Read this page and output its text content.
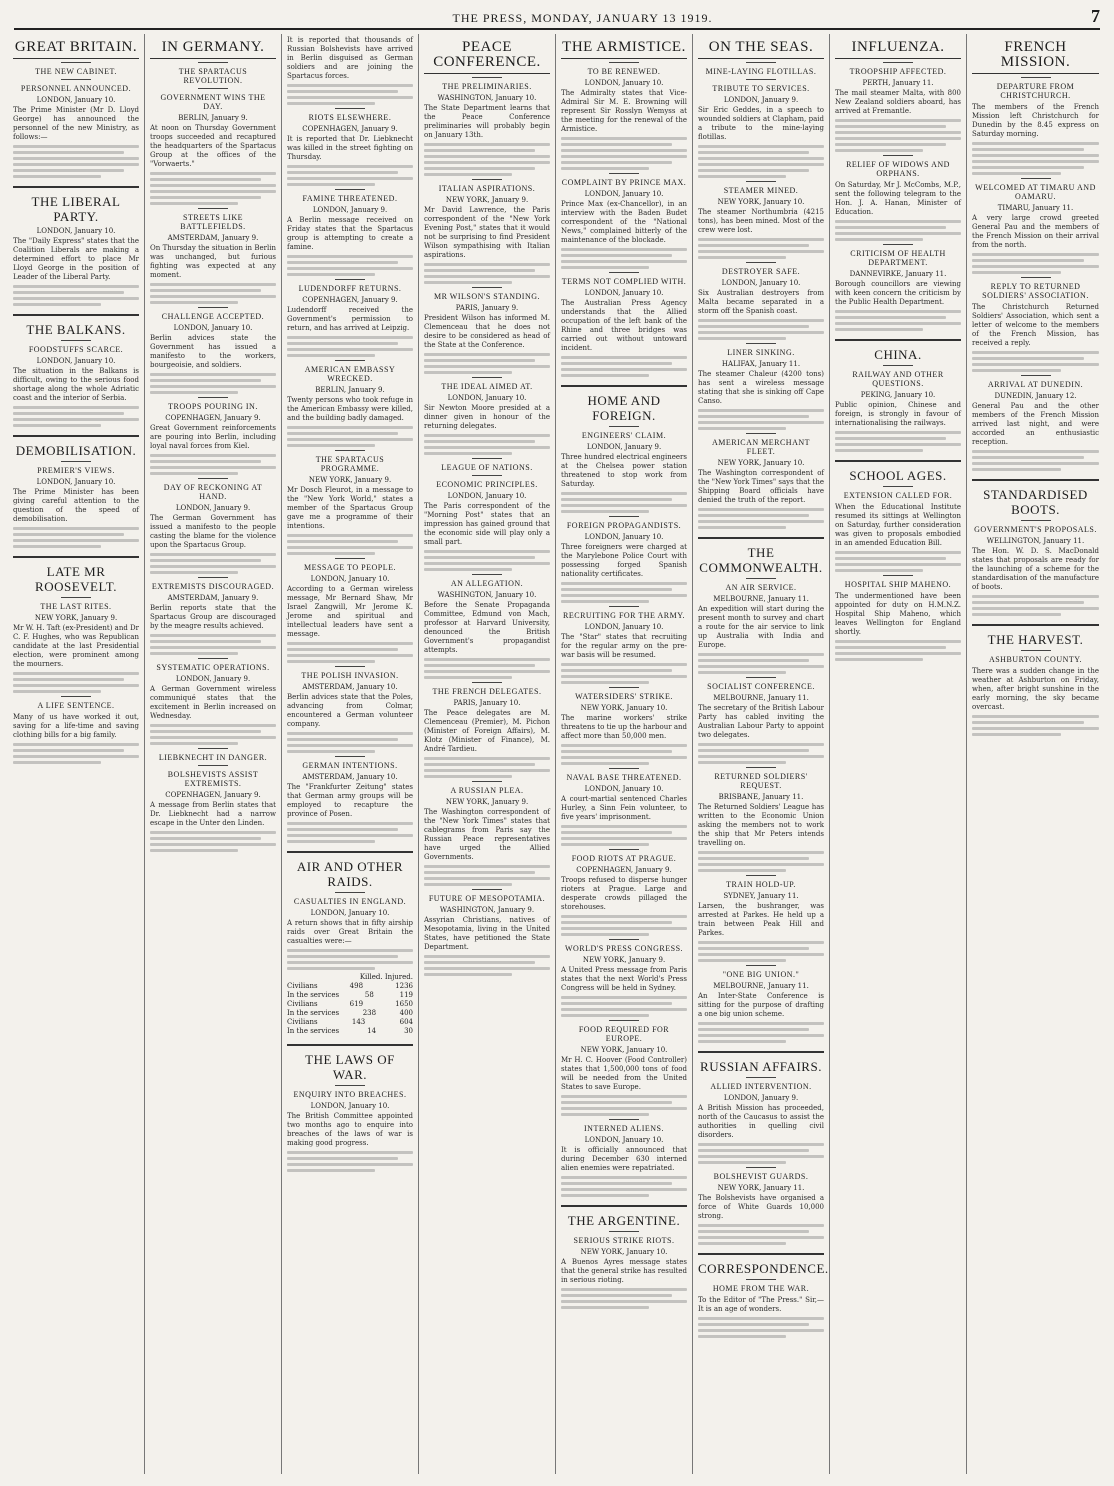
THE PRESS, MONDAY, JANUARY 13 1919.	7
GREAT BRITAIN.
THE NEW CABINET.
PERSONNEL ANNOUNCED.
LONDON, January 10.

The Prime Minister (Mr D. Lloyd George) has announced the personnel of the new Ministry, as follows:—

THE LIBERAL PARTY.
LONDON, January 10.

The "Daily Express" states that the Coalition Liberals are making a determined effort to place Mr Lloyd George in the position of Leader of the Liberal Party.

THE BALKANS.
FOODSTUFFS SCARCE.
LONDON, January 10.

The situation in the Balkans is difficult, owing to the serious food shortage along the whole Adriatic coast and the interior of Serbia.

DEMOBILISATION.
PREMIER'S VIEWS.
LONDON, January 10.

The Prime Minister has been giving careful attention to the question of the speed of demobilisation.

LATE MR ROOSEVELT.
THE LAST RITES.
NEW YORK, January 9.

Mr W. H. Taft (ex-President) and Dr C. F. Hughes, who was Republican candidate at the last Presidential election, were prominent among the mourners.

A LIFE SENTENCE.

Many of us have worked it out, saving for a life-time and saving clothing bills for a big family.

IN GERMANY.
THE SPARTACUS REVOLUTION.
GOVERNMENT WINS THE DAY.
BERLIN, January 9.

At noon on Thursday Government troops succeeded and recaptured the headquarters of the Spartacus Group at the offices of the "Vorwaerts."

STREETS LIKE BATTLEFIELDS.
AMSTERDAM, January 9.

On Thursday the situation in Berlin was unchanged, but furious fighting was expected at any moment.

CHALLENGE ACCEPTED.
LONDON, January 10.

Berlin advices state the Government has issued a manifesto to the workers, bourgeoisie, and soldiers.

TROOPS POURING IN.
COPENHAGEN, January 9.

Great Government reinforcements are pouring into Berlin, including loyal naval forces from Kiel.

DAY OF RECKONING AT HAND.
LONDON, January 9.

The German Government has issued a manifesto to the people casting the blame for the violence upon the Spartacus Group.

EXTREMISTS DISCOURAGED.
AMSTERDAM, January 9.

Berlin reports state that the Spartacus Group are discouraged by the meagre results achieved.

SYSTEMATIC OPERATIONS.
LONDON, January 9.

A German Government wireless communiqué states that the excitement in Berlin increased on Wednesday.

LIEBKNECHT IN DANGER.
BOLSHEVISTS ASSIST EXTREMISTS.
COPENHAGEN, January 9.

A message from Berlin states that Dr. Liebknecht had a narrow escape in the Unter den Linden.

It is reported that thousands of Russian Bolshevists have arrived in Berlin disguised as German soldiers and are joining the Spartacus forces.

RIOTS ELSEWHERE.
COPENHAGEN, January 9.

It is reported that Dr. Liebknecht was killed in the street fighting on Thursday.

FAMINE THREATENED.
LONDON, January 9.

A Berlin message received on Friday states that the Spartacus group is attempting to create a famine.

LUDENDORFF RETURNS.
COPENHAGEN, January 9.

Ludendorff received the Government's permission to return, and has arrived at Leipzig.

AMERICAN EMBASSY WRECKED.
BERLIN, January 9.

Twenty persons who took refuge in the American Embassy were killed, and the building badly damaged.

THE SPARTACUS PROGRAMME.
NEW YORK, January 9.

Mr Dosch Fleurot, in a message to the "New York World," states a member of the Spartacus Group gave me a programme of their intentions.

MESSAGE TO PEOPLE.
LONDON, January 10.

According to a German wireless message, Mr Bernard Shaw, Mr Israel Zangwill, Mr Jerome K. Jerome and spiritual and intellectual leaders have sent a message.

THE POLISH INVASION.
AMSTERDAM, January 10.

Berlin advices state that the Poles, advancing from Colmar, encountered a German volunteer company.

GERMAN INTENTIONS.
AMSTERDAM, January 10.

The "Frankfurter Zeitung" states that German army groups will be employed to recapture the province of Posen.

AIR AND OTHER RAIDS.
CASUALTIES IN ENGLAND.
LONDON, January 10.

A return shows that in fifty airship raids over Great Britain the casualties were:—

Killed. Injured.
Civilians	498	1236
In the services	58	119
Civilians	619	1650
In the services	238	400
Civilians	143	604
In the services	14	30
THE LAWS OF WAR.
ENQUIRY INTO BREACHES.
LONDON, January 10.

The British Committee appointed two months ago to enquire into breaches of the laws of war is making good progress.

PEACE CONFERENCE.
THE PRELIMINARIES.
WASHINGTON, January 10.

The State Department learns that the Peace Conference preliminaries will probably begin on January 13th.

ITALIAN ASPIRATIONS.
NEW YORK, January 9.

Mr David Lawrence, the Paris correspondent of the "New York Evening Post," states that it would not be surprising to find President Wilson sympathising with Italian aspirations.

MR WILSON'S STANDING.
PARIS, January 9.

President Wilson has informed M. Clemenceau that he does not desire to be considered as head of the State at the Conference.

THE IDEAL AIMED AT.
LONDON, January 10.

Sir Newton Moore presided at a dinner given in honour of the returning delegates.

LEAGUE OF NATIONS.
ECONOMIC PRINCIPLES.
LONDON, January 10.

The Paris correspondent of the "Morning Post" states that an impression has gained ground that the economic side will play only a small part.

AN ALLEGATION.
WASHINGTON, January 10.

Before the Senate Propaganda Committee, Edmund von Mach, professor at Harvard University, denounced the British Government's propagandist attempts.

THE FRENCH DELEGATES.
PARIS, January 10.

The Peace delegates are M. Clemenceau (Premier), M. Pichon (Minister of Foreign Affairs), M. Klotz (Minister of Finance), M. André Tardieu.

A RUSSIAN PLEA.
NEW YORK, January 9.

The Washington correspondent of the "New York Times" states that cablegrams from Paris say the Russian Peace representatives have urged the Allied Governments.

FUTURE OF MESOPOTAMIA.
WASHINGTON, January 9.

Assyrian Christians, natives of Mesopotamia, living in the United States, have petitioned the State Department.

THE ARMISTICE.
TO BE RENEWED.
LONDON, January 10.

The Admiralty states that Vice-Admiral Sir M. E. Browning will represent Sir Rosslyn Wemyss at the meeting for the renewal of the Armistice.

COMPLAINT BY PRINCE MAX.
LONDON, January 10.

Prince Max (ex-Chancellor), in an interview with the Baden Budet correspondent of the "National News," complained bitterly of the maintenance of the blockade.

TERMS NOT COMPLIED WITH.
LONDON, January 10.

The Australian Press Agency understands that the Allied occupation of the left bank of the Rhine and three bridges was carried out without untoward incident.

HOME AND FOREIGN.
ENGINEERS' CLAIM.
LONDON, January 9.

Three hundred electrical engineers at the Chelsea power station threatened to stop work from Saturday.

FOREIGN PROPAGANDISTS.
LONDON, January 10.

Three foreigners were charged at the Marylebone Police Court with possessing forged Spanish nationality certificates.

RECRUITING FOR THE ARMY.
LONDON, January 10.

The "Star" states that recruiting for the regular army on the pre-war basis will be resumed.

WATERSIDERS' STRIKE.
NEW YORK, January 10.

The marine workers' strike threatens to tie up the harbour and affect more than 50,000 men.

NAVAL BASE THREATENED.
LONDON, January 10.

A court-martial sentenced Charles Hurley, a Sinn Fein volunteer, to five years' imprisonment.

FOOD RIOTS AT PRAGUE.
COPENHAGEN, January 9.

Troops refused to disperse hunger rioters at Prague. Large and desperate crowds pillaged the storehouses.

WORLD'S PRESS CONGRESS.
NEW YORK, January 9.

A United Press message from Paris states that the next World's Press Congress will be held in Sydney.

FOOD REQUIRED FOR EUROPE.
NEW YORK, January 10.

Mr H. C. Hoover (Food Controller) states that 1,500,000 tons of food will be needed from the United States to save Europe.

INTERNED ALIENS.
LONDON, January 10.

It is officially announced that during December 630 interned alien enemies were repatriated.

THE ARGENTINE.
SERIOUS STRIKE RIOTS.
NEW YORK, January 10.

A Buenos Ayres message states that the general strike has resulted in serious rioting.

ON THE SEAS.
MINE-LAYING FLOTILLAS.
TRIBUTE TO SERVICES.
LONDON, January 9.

Sir Eric Geddes, in a speech to wounded soldiers at Clapham, paid a tribute to the mine-laying flotillas.

STEAMER MINED.
NEW YORK, January 10.

The steamer Northumbria (4215 tons), has been mined. Most of the crew were lost.

DESTROYER SAFE.
LONDON, January 10.

Six Australian destroyers from Malta became separated in a storm off the Spanish coast.

LINER SINKING.
HALIFAX, January 11.

The steamer Chaleur (4200 tons) has sent a wireless message stating that she is sinking off Cape Canso.

AMERICAN MERCHANT FLEET.
NEW YORK, January 10.

The Washington correspondent of the "New York Times" says that the Shipping Board officials have denied the truth of the report.

THE COMMONWEALTH.
AN AIR SERVICE.
MELBOURNE, January 11.

An expedition will start during the present month to survey and chart a route for the air service to link up Australia with India and Europe.

SOCIALIST CONFERENCE.
MELBOURNE, January 11.

The secretary of the British Labour Party has cabled inviting the Australian Labour Party to appoint two delegates.

RETURNED SOLDIERS' REQUEST.
BRISBANE, January 11.

The Returned Soldiers' League has written to the Economic Union asking the members not to work the ship that Mr Peters intends travelling on.

TRAIN HOLD-UP.
SYDNEY, January 11.

Larsen, the bushranger, was arrested at Parkes. He held up a train between Peak Hill and Parkes.

"ONE BIG UNION."
MELBOURNE, January 11.

An Inter-State Conference is sitting for the purpose of drafting a one big union scheme.

RUSSIAN AFFAIRS.
ALLIED INTERVENTION.
LONDON, January 9.

A British Mission has proceeded, north of the Caucasus to assist the authorities in quelling civil disorders.

BOLSHEVIST GUARDS.
NEW YORK, January 11.

The Bolshevists have organised a force of White Guards 10,000 strong.

CORRESPONDENCE.
HOME FROM THE WAR.

To the Editor of "The Press." Sir,—It is an age of wonders.

INFLUENZA.
TROOPSHIP AFFECTED.
PERTH, January 11.

The mail steamer Malta, with 800 New Zealand soldiers aboard, has arrived at Fremantle.

RELIEF OF WIDOWS AND ORPHANS.

On Saturday, Mr J. McCombs, M.P., sent the following telegram to the Hon. J. A. Hanan, Minister of Education.

CRITICISM OF HEALTH DEPARTMENT.
DANNEVIRKE, January 11.

Borough councillors are viewing with keen concern the criticism by the Public Health Department.

CHINA.
RAILWAY AND OTHER QUESTIONS.
PEKING, January 10.

Public opinion, Chinese and foreign, is strongly in favour of internationalising the railways.

SCHOOL AGES.
EXTENSION CALLED FOR.

When the Educational Institute resumed its sittings at Wellington on Saturday, further consideration was given to proposals embodied in an amended Education Bill.

HOSPITAL SHIP MAHENO.

The undermentioned have been appointed for duty on H.M.N.Z. Hospital Ship Maheno, which leaves Wellington for England shortly.

FRENCH MISSION.
DEPARTURE FROM CHRISTCHURCH.

The members of the French Mission left Christchurch for Dunedin by the 8.45 express on Saturday morning.

WELCOMED AT TIMARU AND OAMARU.
TIMARU, January 11.

A very large crowd greeted General Pau and the members of the French Mission on their arrival from the north.

REPLY TO RETURNED SOLDIERS' ASSOCIATION.

The Christchurch Returned Soldiers' Association, which sent a letter of welcome to the members of the French Mission, has received a reply.

ARRIVAL AT DUNEDIN.
DUNEDIN, January 12.

General Pau and the other members of the French Mission arrived last night, and were accorded an enthusiastic reception.

STANDARDISED BOOTS.
GOVERNMENT'S PROPOSALS.
WELLINGTON, January 11.

The Hon. W. D. S. MacDonald states that proposals are ready for the launching of a scheme for the standardisation of the manufacture of boots.

THE HARVEST.
ASHBURTON COUNTY.

There was a sudden change in the weather at Ashburton on Friday, when, after bright sunshine in the early morning, the sky became overcast.
